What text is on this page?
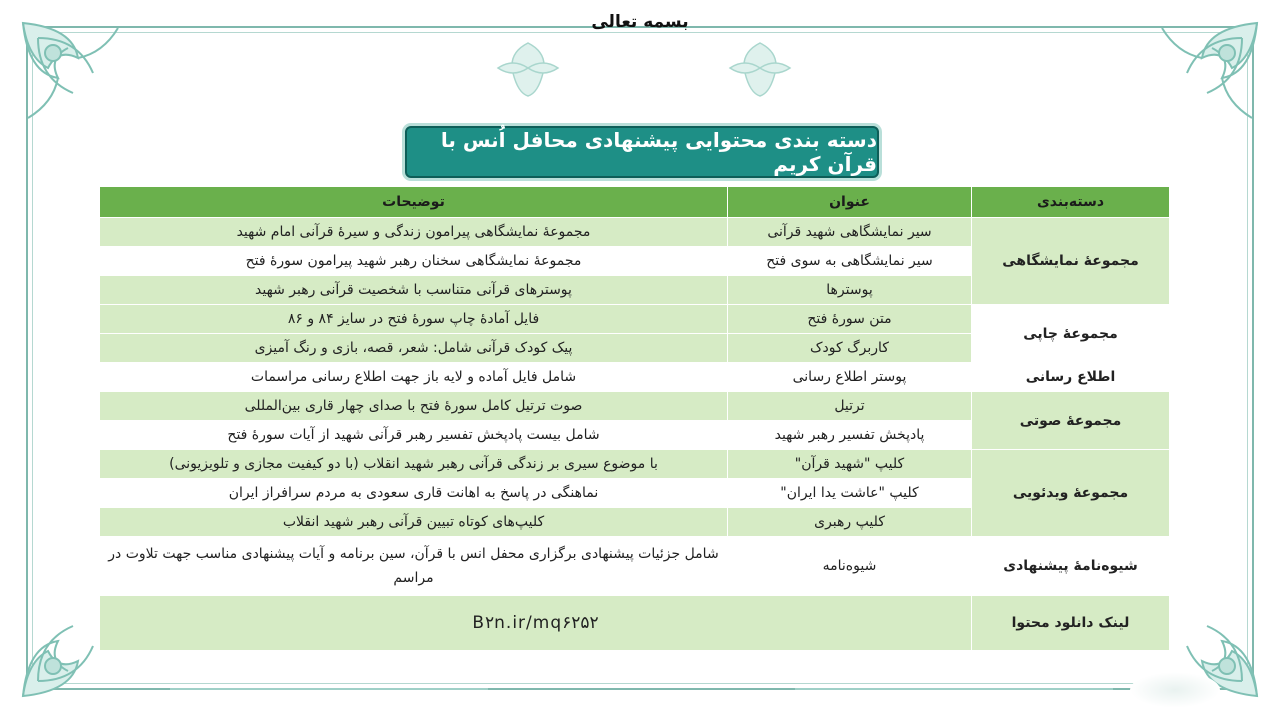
بسمه تعالی
دسته بندی محتوایی پیشنهادی محافل اُنس با قرآن کریم
دسته‌بندی	عنوان	توضیحات
مجموعۀ نمایشگاهی	سیر نمایشگاهی شهید قرآنی	مجموعۀ نمایشگاهی پیرامون زندگی و سیرۀ قرآنی امام شهید
	سیر نمایشگاهی به سوی فتح	مجموعۀ نمایشگاهی سخنان رهبر شهید پیرامون سورۀ فتح
	پوسترها	پوسترهای قرآنی متناسب با شخصیت قرآنی رهبر شهید
مجموعۀ چاپی	متن سورۀ فتح	فایل آمادۀ چاپ سورۀ فتح در سایز ۸۴ و ۸۶
	کاربرگ کودک	پیک کودک قرآنی شامل: شعر، قصه، بازی و رنگ آمیزی
اطلاع رسانی	پوستر اطلاع رسانی	شامل فایل آماده و لایه باز جهت اطلاع رسانی مراسمات
مجموعۀ صوتی	ترتیل	صوت ترتیل کامل سورۀ فتح با صدای چهار قاری بین‌المللی
	پادپخش تفسیر رهبر شهید	شامل بیست پادپخش تفسیر رهبر قرآنی شهید از آیات سورۀ فتح
مجموعۀ ویدئویی	کلیپ "شهید قرآن"	با موضوع سیری بر زندگی قرآنی رهبر شهید انقلاب (با دو کیفیت مجازی و تلویزیونی)
	کلیپ "عاشت یدا ایران"	نماهنگی در پاسخ به اهانت قاری سعودی به مردم سرافراز ایران
	کلیپ رهبری	کلیپ‌های کوتاه تبیین قرآنی رهبر شهید انقلاب
شیوه‌نامۀ پیشنهادی	شیوه‌نامه	شامل جزئیات پیشنهادی برگزاری محفل انس با قرآن، سین برنامه و آیات پیشنهادی مناسب جهت تلاوت در مراسم
لینک دانلود محتوا	B۲n.ir/mq۶۲۵۲	
